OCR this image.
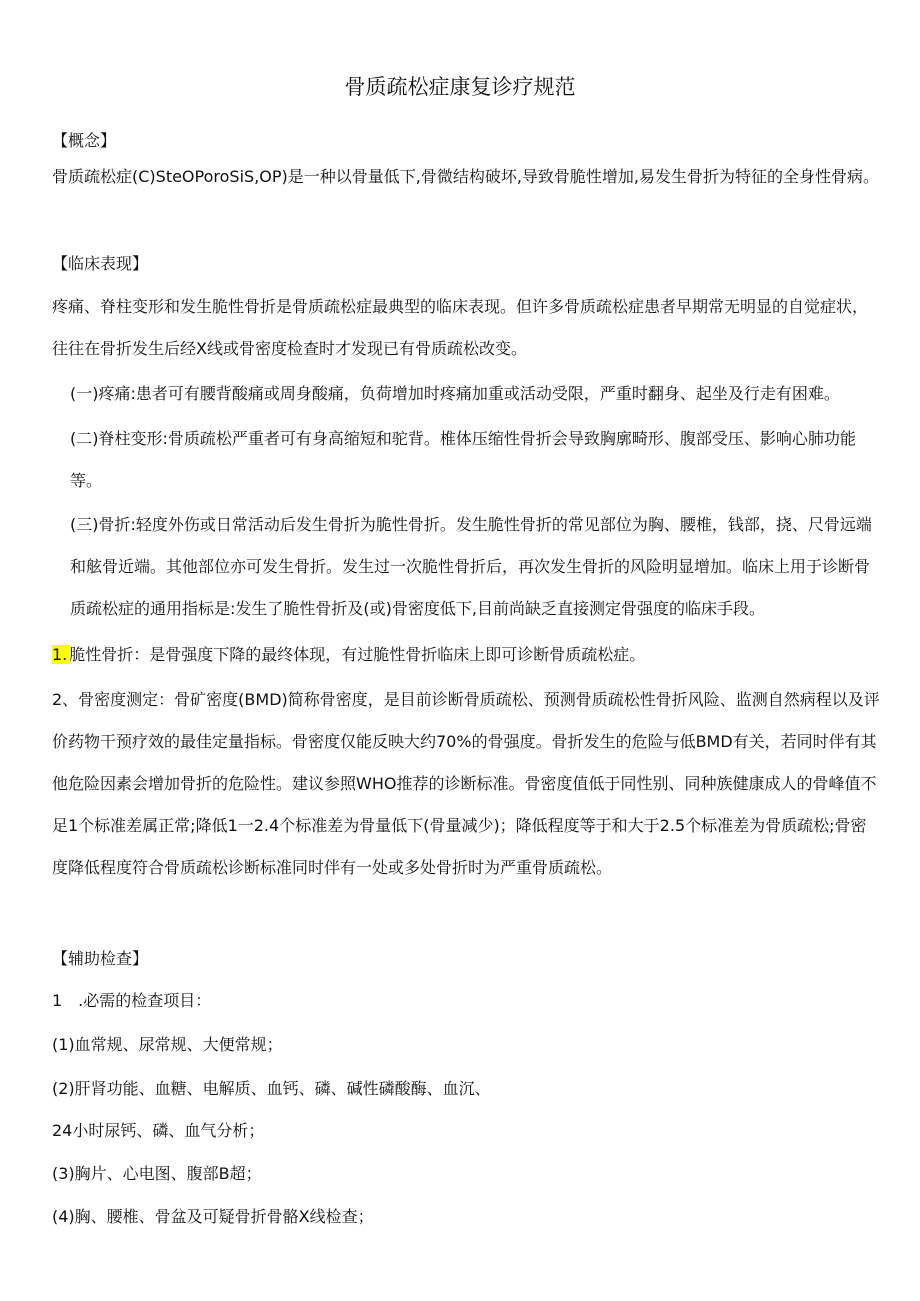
骨质疏松症康复诊疗规范
【概念】
骨质疏松症(C)SteOPoroSiS,OP)是一种以骨量低下,骨微结构破坏,导致骨脆性增加,易发生骨折为特征的全身性骨病。
【临床表现】
疼痛、脊柱变形和发生脆性骨折是骨质疏松症最典型的临床表现。但许多骨质疏松症患者早期常无明显的自觉症状，往往在骨折发生后经X线或骨密度检查时才发现已有骨质疏松改变。
(一)疼痛:患者可有腰背酸痛或周身酸痛，负荷增加时疼痛加重或活动受限，严重时翻身、起坐及行走有困难。
(二)脊柱变形:骨质疏松严重者可有身高缩短和驼背。椎体压缩性骨折会导致胸廓畸形、腹部受压、影响心肺功能等。
(三)骨折:轻度外伤或日常活动后发生骨折为脆性骨折。发生脆性骨折的常见部位为胸、腰椎，钱部，挠、尺骨远端和舷骨近端。其他部位亦可发生骨折。发生过一次脆性骨折后，再次发生骨折的风险明显增加。临床上用于诊断骨质疏松症的通用指标是:发生了脆性骨折及(或)骨密度低下,目前尚缺乏直接测定骨强度的临床手段。
1. 脆性骨折：是骨强度下降的最终体现，有过脆性骨折临床上即可诊断骨质疏松症。
2、骨密度测定：骨矿密度(BMD)简称骨密度，是目前诊断骨质疏松、预测骨质疏松性骨折风险、监测自然病程以及评价药物干预疗效的最佳定量指标。骨密度仅能反映大约70%的骨强度。骨折发生的危险与低BMD有关，若同时伴有其他危险因素会增加骨折的危险性。建议参照WHO推荐的诊断标准。骨密度值低于同性别、同种族健康成人的骨峰值不足1个标准差属正常;降低1一2.4个标准差为骨量低下(骨量减少)；降低程度等于和大于2.5个标准差为骨质疏松;骨密度降低程度符合骨质疏松诊断标准同时伴有一处或多处骨折时为严重骨质疏松。
【辅助检查】
1　.必需的检查项目：
(1)血常规、尿常规、大便常规；
(2)肝肾功能、血糖、电解质、血钙、磷、碱性磷酸酶、血沉、
24小时尿钙、磷、血气分析；
(3)胸片、心电图、腹部B超；
(4)胸、腰椎、骨盆及可疑骨折骨骼X线检查；
